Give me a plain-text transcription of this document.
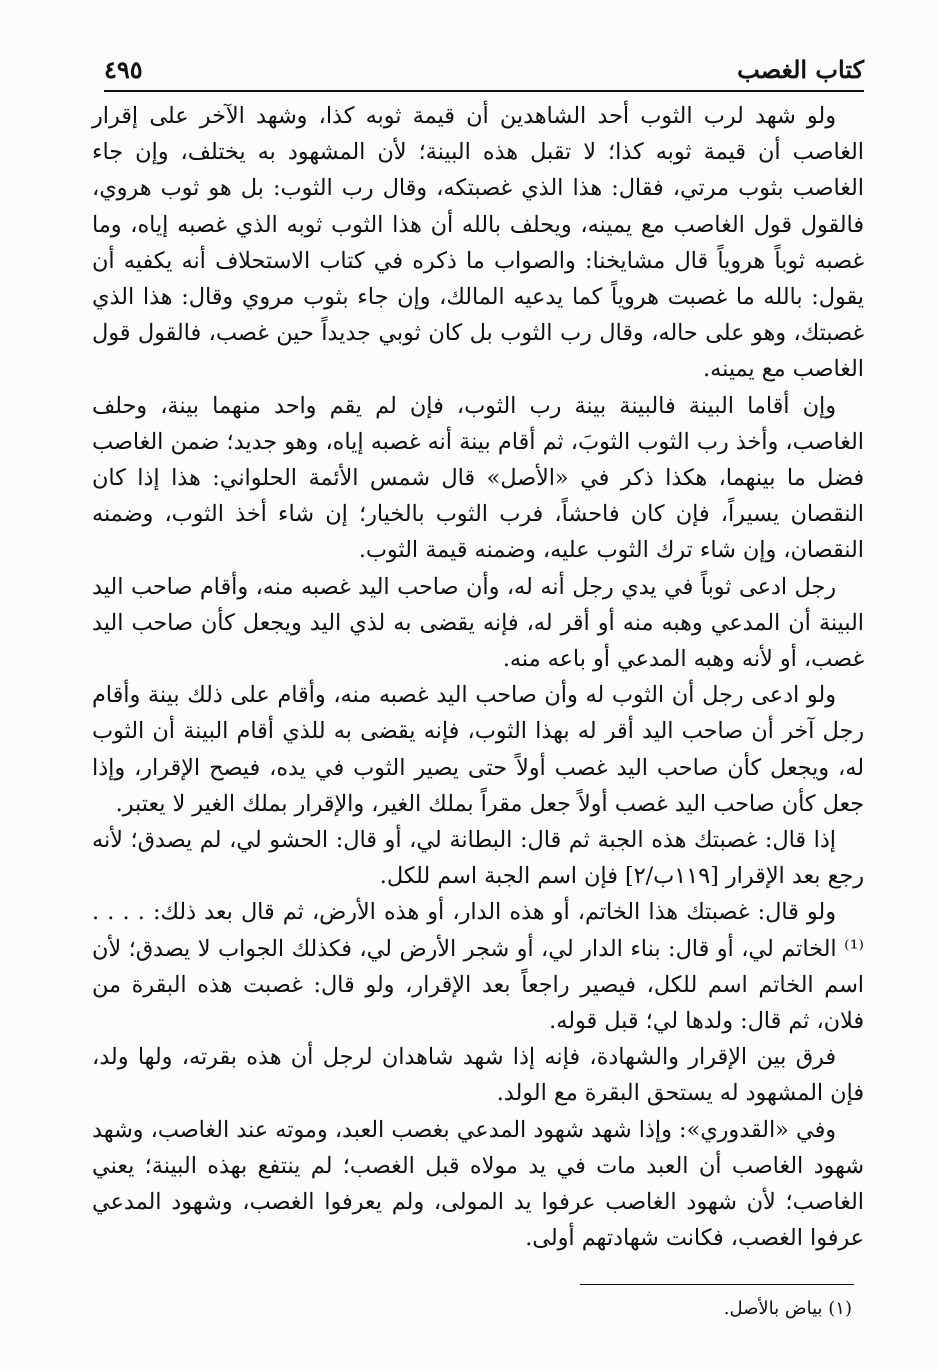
كتاب الغصب
٤٩٥

ولو شهد لرب الثوب أحد الشاهدين أن قيمة ثوبه كذا، وشهد الآخر على إقرار الغاصب أن قيمة ثوبه كذا؛ لا تقبل هذه البينة؛ لأن المشهود به يختلف، وإن جاء الغاصب بثوب مرتي، فقال: هذا الذي غصبتكه، وقال رب الثوب: بل هو ثوب هروي، فالقول قول الغاصب مع يمينه، ويحلف بالله أن هذا الثوب ثوبه الذي غصبه إياه، وما غصبه ثوباً هروياً قال مشايخنا: والصواب ما ذكره في كتاب الاستحلاف أنه يكفيه أن يقول: بالله ما غصبت هروياً كما يدعيه المالك، وإن جاء بثوب مروي وقال: هذا الذي غصبتك، وهو على حاله، وقال رب الثوب بل كان ثوبي جديداً حين غصب، فالقول قول الغاصب مع يمينه.

وإن أقاما البينة فالبينة بينة رب الثوب، فإن لم يقم واحد منهما بينة، وحلف الغاصب، وأخذ رب الثوب الثوبَ، ثم أقام بينة أنه غصبه إياه، وهو جديد؛ ضمن الغاصب فضل ما بينهما، هكذا ذكر في «الأصل» قال شمس الأئمة الحلواني: هذا إذا كان النقصان يسيراً، فإن كان فاحشاً، فرب الثوب بالخيار؛ إن شاء أخذ الثوب، وضمنه النقصان، وإن شاء ترك الثوب عليه، وضمنه قيمة الثوب.

رجل ادعى ثوباً في يدي رجل أنه له، وأن صاحب اليد غصبه منه، وأقام صاحب اليد البينة أن المدعي وهبه منه أو أقر له، فإنه يقضى به لذي اليد ويجعل كأن صاحب اليد غصب، أو لأنه وهبه المدعي أو باعه منه.

ولو ادعى رجل أن الثوب له وأن صاحب اليد غصبه منه، وأقام على ذلك بينة وأقام رجل آخر أن صاحب اليد أقر له بهذا الثوب، فإنه يقضى به للذي أقام البينة أن الثوب له، ويجعل كأن صاحب اليد غصب أولاً حتى يصير الثوب في يده، فيصح الإقرار، وإذا جعل كأن صاحب اليد غصب أولاً جعل مقراً بملك الغير، والإقرار بملك الغير لا يعتبر.

إذا قال: غصبتك هذه الجبة ثم قال: البطانة لي، أو قال: الحشو لي، لم يصدق؛ لأنه رجع بعد الإقرار [١١٩ب/٢] فإن اسم الجبة اسم للكل.

ولو قال: غصبتك هذا الخاتم، أو هذه الدار، أو هذه الأرض، ثم قال بعد ذلك: . . . . ⁽¹⁾ الخاتم لي، أو قال: بناء الدار لي، أو شجر الأرض لي، فكذلك الجواب لا يصدق؛ لأن اسم الخاتم اسم للكل، فيصير راجعاً بعد الإقرار، ولو قال: غصبت هذه البقرة من فلان، ثم قال: ولدها لي؛ قبل قوله.

فرق بين الإقرار والشهادة، فإنه إذا شهد شاهدان لرجل أن هذه بقرته، ولها ولد، فإن المشهود له يستحق البقرة مع الولد.

وفي «القدوري»: وإذا شهد شهود المدعي بغصب العبد، وموته عند الغاصب، وشهد شهود الغاصب أن العبد مات في يد مولاه قبل الغصب؛ لم ينتفع بهذه البينة؛ يعني الغاصب؛ لأن شهود الغاصب عرفوا يد المولى، ولم يعرفوا الغصب، وشهود المدعي عرفوا الغصب، فكانت شهادتهم أولى.

(١) بياض بالأصل.
